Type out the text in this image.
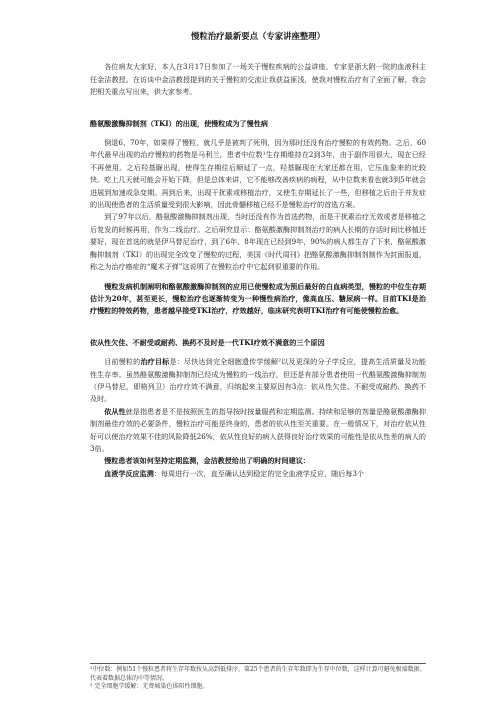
慢粒治疗最新要点（专家讲座整理）

各位病友大家好，本人在3月17日参加了一场关于慢粒疾病的公益讲座，专家是浙大附一院的血液科主任金洁教授。在访谈中金洁教授提到的关于慢粒的交流让我获益匪浅，使我对慢粒治疗有了全面了解，我会把相关重点写出来，供大家参考。

酪氨酸激酶抑制剂（TKI）的出现，使慢粒成为了慢性病

倒退6、70年，如果得了慢粒，就几乎是被判了死刑，因为那时还没有治疗慢粒的有效药物。之后，60年代最早出现的治疗慢粒的药物是马利兰，患者中位数¹生存期维持在2到3年，由于副作用很大，现在已经不再使用。之后羟基脲出现，使得生存期往后顺延了一点，羟基脲现在大家还都在用，它压血象来的比较快。吃上几天就可能会开始下降，但是总体来讲，它不能够改善疾病的病程，从中位数来看也就3到5年就会进展到加速或急变期。再到后来，出现干扰素或移植治疗，又使生存期延长了一些，但移植之后由于并发症的出现使患者的生活质量受到很大影响，因此骨髓移植已经不是慢粒治疗的首选方案。

到了97年以后，酪氨酸激酶抑制剂出现，当时还没有作为首选药物，而是干扰素治疗无效或者是移植之后复发的时候再用，作为二线治疗。之后研究显示：酪氨酸激酶抑制剂治疗的病人长期的存活时间比移植还要好，现在首选的就是伊马替尼治疗，到了6年、8年现在已经到9年，90%的病人都生存了下来，酪氨酸激酶抑制剂（TKI）的出现完全改变了慢粒的过程，美国《时代周刊》把酪氨酸激酶抑制剂制作为封面报道，称之为治疗癌症的“魔术子弹”这说明了在慢粒治疗中它起到很重要的作用。

慢粒发病机制阐明和酪氨酸激酶抑制剂的应用已使慢粒成为预后最好的白血病类型，慢粒的中位生存期估计为20年，甚至更长，慢粒治疗也逐渐转变为一种慢性病治疗，像高血压、糖尿病一样。目前TKI是治疗慢粒的特效药物，患者越早接受TKI治疗，疗效越好，临床研究表明TKI治疗有可能使慢粒治愈。

依从性欠佳、不耐受或耐药、换药不及时是一代TKI疗效不满意的三个原因

目前慢粒的治疗目标是：尽快达到完全细胞遗传学缓解²以及更深的分子学反应，提高生活质量及功能性生存率。虽然酪氨酸激酶抑制剂已经成为慢粒的一线治疗，但还是有部分患者使用一代酪氨酸激酶抑制剂（伊马替尼，即格列卫）治疗疗效不满意，归纳起来主要原因有3点：依从性欠佳、不耐受或耐药、换药不及时。

依从性就是指患者是不是按照医生的指导按时按量服药和定期监测。持续和足够的剂量是酪氨酸激酶抑制剂最佳疗效的必要条件，慢粒治疗可能是终身的，患者的依从性至关重要。在一般情况下，对治疗依从性好可以使治疗效果不佳的风险降低26%，依从性良好的病人获得良好治疗效果的可能性是依从性差的病人的3倍。

慢粒患者该如何坚持定期监测，金洁教授给出了明确的时间建议：

血液学反应监测：每周进行一次，直至确认达到稳定的完全血液学反应，随后每3个

¹中位数：例如51个慢粒患者将生存年数按从高到低排序，第25个患者的生存年数即为生存中位数，这样计算可避免极端数据。代表着数据总体的中等情况。
² 完全细胞学缓解：无费城染色体阳性细胞。
